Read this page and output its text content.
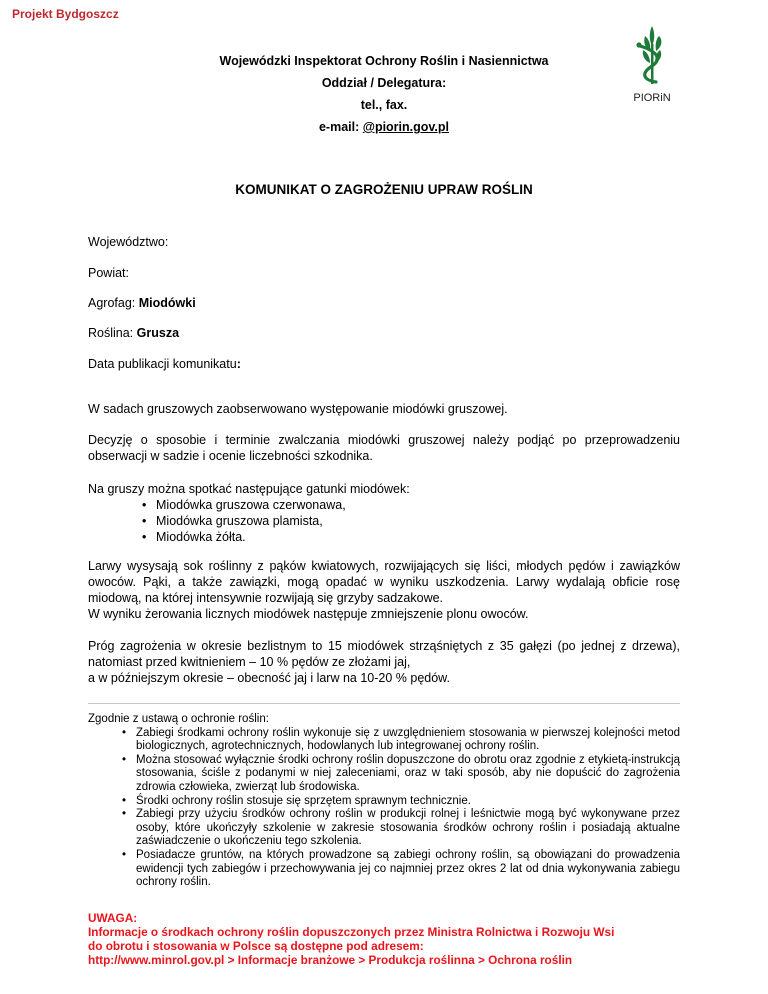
Projekt Bydgoszcz
PIORiN
Wojewódzki Inspektorat Ochrony Roślin i Nasiennictwa
Oddział / Delegatura:
tel., fax.
e-mail: @piorin.gov.pl
KOMUNIKAT O ZAGROŻENIU UPRAW ROŚLIN
Województwo:
Powiat:
Agrofag: Miodówki
Roślina: Grusza
Data publikacji komunikatu:

W sadach gruszowych zaobserwowano występowanie miodówki gruszowej.

Decyzję o sposobie i terminie zwalczania miodówki gruszowej należy podjąć po przeprowadzeniu obserwacji w sadzie i ocenie liczebności szkodnika.

Na gruszy można spotkać następujące gatunki miodówek:

• Miodówka gruszowa czerwonawa,
• Miodówka gruszowa plamista,
• Miodówka żółta.

Larwy wysysają sok roślinny z pąków kwiatowych, rozwijających się liści, młodych pędów i zawiązków owoców. Pąki, a także zawiązki, mogą opadać w wyniku uszkodzenia. Larwy wydalają obficie rosę miodową, na której intensywnie rozwijają się grzyby sadzakowe.

W wyniku żerowania licznych miodówek następuje zmniejszenie plonu owoców.

Próg zagrożenia w okresie bezlistnym to 15 miodówek strząśniętych z 35 gałęzi (po jednej z drzewa), natomiast przed kwitnieniem – 10 % pędów ze złożami jaj,

a w późniejszym okresie – obecność jaj i larw na 10-20 % pędów.

Zgodnie z ustawą o ochronie roślin:

• Zabiegi środkami ochrony roślin wykonuje się z uwzględnieniem stosowania w pierwszej kolejności metod biologicznych, agrotechnicznych, hodowlanych lub integrowanej ochrony roślin.
• Można stosować wyłącznie środki ochrony roślin dopuszczone do obrotu oraz zgodnie z etykietą-instrukcją stosowania, ściśle z podanymi w niej zaleceniami, oraz w taki sposób, aby nie dopuścić do zagrożenia zdrowia człowieka, zwierząt lub środowiska.
• Środki ochrony roślin stosuje się sprzętem sprawnym technicznie.
• Zabiegi przy użyciu środków ochrony roślin w produkcji rolnej i leśnictwie mogą być wykonywane przez osoby, które ukończyły szkolenie w zakresie stosowania środków ochrony roślin i posiadają aktualne zaświadczenie o ukończeniu tego szkolenia.
• Posiadacze gruntów, na których prowadzone są zabiegi ochrony roślin, są obowiązani do prowadzenia ewidencji tych zabiegów i przechowywania jej co najmniej przez okres 2 lat od dnia wykonywania zabiegu ochrony roślin.
UWAGA:
Informacje o środkach ochrony roślin dopuszczonych przez Ministra Rolnictwa i Rozwoju Wsi
do obrotu i stosowania w Polsce są dostępne pod adresem:
http://www.minrol.gov.pl > Informacje branżowe > Produkcja roślinna > Ochrona roślin
